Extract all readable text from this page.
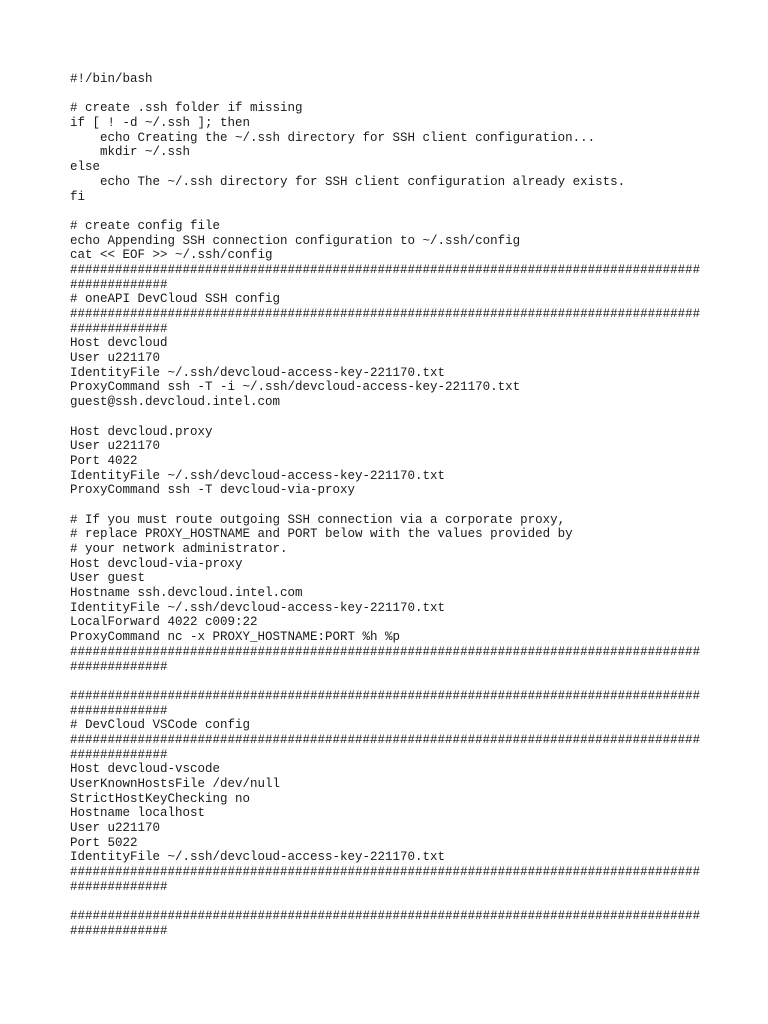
#!/bin/bash
# create .ssh folder if missing
if [ ! -d ~/.ssh ]; then
echo Creating the ~/.ssh directory for SSH client configuration...
mkdir ~/.ssh
else
echo The ~/.ssh directory for SSH client configuration already exists.
fi
# create config file
echo Appending SSH connection configuration to ~/.ssh/config
cat << EOF >> ~/.ssh/config
####################################################################################
#############
# oneAPI DevCloud SSH config
####################################################################################
#############
Host devcloud
User u221170
IdentityFile ~/.ssh/devcloud-access-key-221170.txt
ProxyCommand ssh -T -i ~/.ssh/devcloud-access-key-221170.txt
guest@ssh.devcloud.intel.com
Host devcloud.proxy
User u221170
Port 4022
IdentityFile ~/.ssh/devcloud-access-key-221170.txt
ProxyCommand ssh -T devcloud-via-proxy
# If you must route outgoing SSH connection via a corporate proxy,
# replace PROXY_HOSTNAME and PORT below with the values provided by
# your network administrator.
Host devcloud-via-proxy
User guest
Hostname ssh.devcloud.intel.com
IdentityFile ~/.ssh/devcloud-access-key-221170.txt
LocalForward 4022 c009:22
ProxyCommand nc -x PROXY_HOSTNAME:PORT %h %p
####################################################################################
#############
####################################################################################
#############
# DevCloud VSCode config
####################################################################################
#############
Host devcloud-vscode
UserKnownHostsFile /dev/null
StrictHostKeyChecking no
Hostname localhost
User u221170
Port 5022
IdentityFile ~/.ssh/devcloud-access-key-221170.txt
####################################################################################
#############
####################################################################################
#############
